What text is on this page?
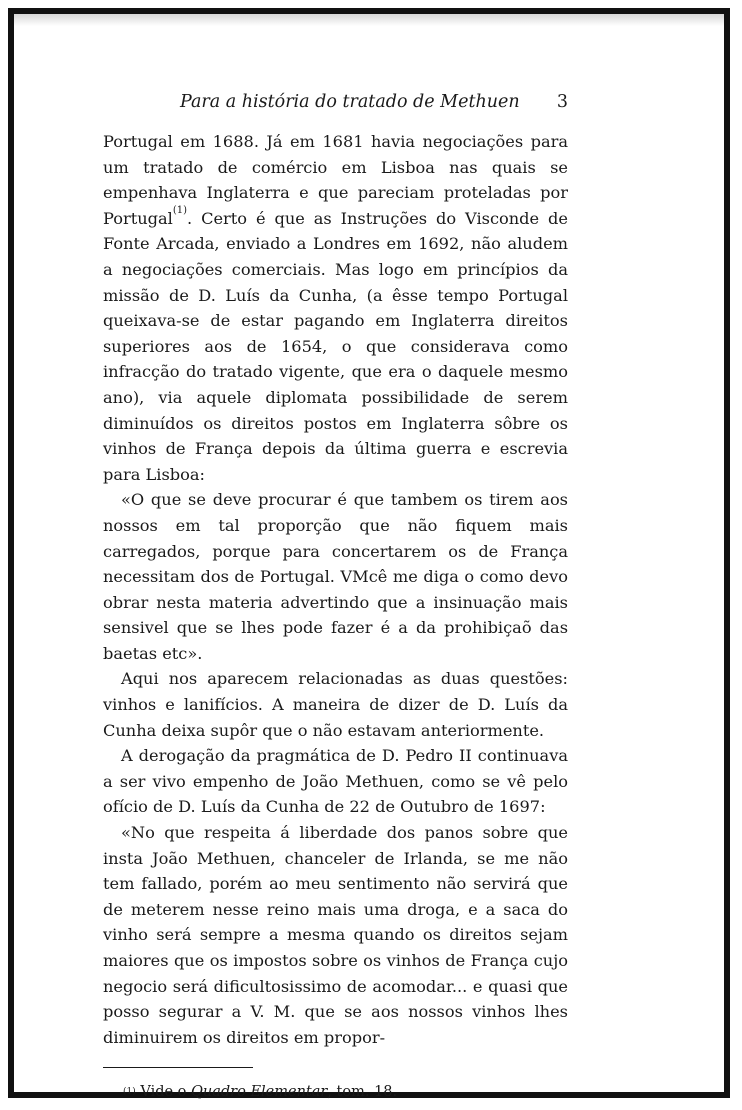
Para a história do tratado de Methuen 3

Portugal em 1688. Já em 1681 havia negociações para um tratado de comércio em Lisboa nas quais se empenhava Inglaterra e que pareciam proteladas por Portugal$^{(1)}$. Certo é que as Instruções do Visconde de Fonte Arcada, enviado a Londres em 1692, não aludem a negociações comerciais. Mas logo em princípios da missão de D. Luís da Cunha, (a êsse tempo Portugal queixava-se de estar pagando em Inglaterra direitos superiores aos de 1654, o que considerava como infracção do tratado vigente, que era o daquele mesmo ano), via aquele diplomata possibilidade de serem diminuídos os direitos postos em Inglaterra sôbre os vinhos de França depois da última guerra e escrevia para Lisboa:

«O que se deve procurar é que tambem os tirem aos nossos em tal proporção que não fiquem mais carregados, porque para concertarem os de França necessitam dos de Portugal. VMcê me diga o como devo obrar nesta materia advertindo que a insinuação mais sensivel que se lhes pode fazer é a da prohibiçaõ das baetas etc».

Aqui nos aparecem relacionadas as duas questões: vinhos e lanifícios. A maneira de dizer de D. Luís da Cunha deixa supôr que o não estavam anteriormente.

A derogação da pragmática de D. Pedro II continuava a ser vivo empenho de João Methuen, como se vê pelo ofício de D. Luís da Cunha de 22 de Outubro de 1697:

«No que respeita á liberdade dos panos sobre que insta João Methuen, chanceler de Irlanda, se me não tem fallado, porém ao meu sentimento não servirá que de meterem nesse reino mais uma droga, e a saca do vinho será sempre a mesma quando os direitos sejam maiores que os impostos sobre os vinhos de França cujo negocio será dificultosissimo de acomodar... e quasi que posso segurar a V. M. que se aos nossos vinhos lhes diminuirem os direitos em propor-

$^{(1)}$ Vide o Quadro Elementar, tom. 18.
